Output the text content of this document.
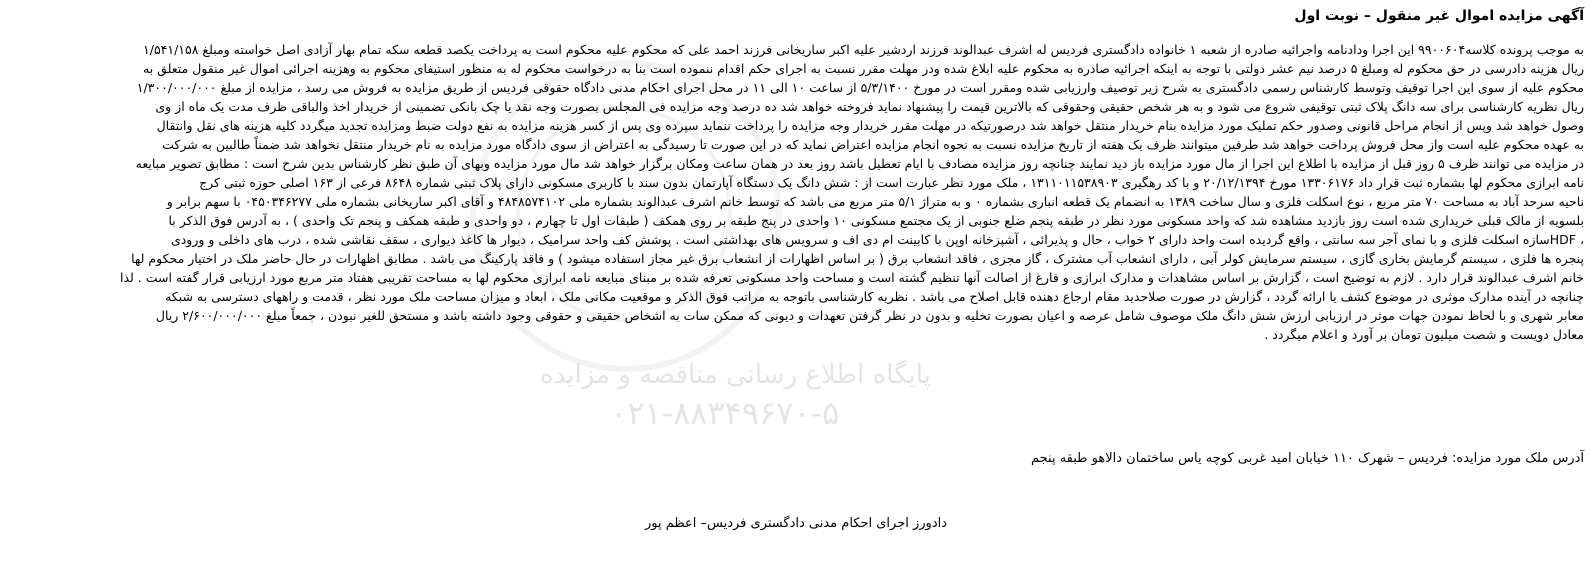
پایگاه اطلاع رسانی مناقصه و مزایده
۰۲۱-۸۸۳۴۹۶۷۰-۵
آگهی مزایده اموال غیر منقول – نوبت اول
به موجب پرونده کلاسه۹۹۰۰۶۰۴ این اجرا ودادنامه واجرائیه صادره از شعبه ۱ خانواده دادگستری فردیس له اشرف عبدالوند فرزند اردشیر علیه اکبر ساریخانی فرزند احمد علی که محکوم علیه محکوم است به پرداخت یکصد قطعه سکه تمام بهار آزادی اصل خواسته ومبلغ ۱/۵۴۱/۱۵۸
ریال هزینه دادرسی در حق محکوم له ومبلغ ۵ درصد نیم عشر دولتی با توجه به اینکه اجرائیه صادره به محکوم علیه ابلاغ شده ودر مهلت مقرر نسبت به اجرای حکم اقدام ننموده است بنا به درخواست محکوم له به منظور استیفای محکوم به وهزینه اجرائی اموال غیر منقول متعلق به
محکوم علیه از سوی این اجرا توقیف وتوسط کارشناس رسمی دادگستری به شرح زیر توصیف وارزیابی شده ومقرر است در مورخ ۵/۳/۱۴۰۰ از ساعت ۱۰ الی ۱۱ در محل اجرای احکام مدنی دادگاه حقوقی فردیس از طریق مزایده به فروش می رسد ، مزایده از مبلغ ۱/۳۰۰/۰۰۰/۰۰۰
ریال نظریه کارشناسی برای سه دانگ پلاک ثبتی توقیفی شروع می شود و به هر شخص حقیقی وحقوقی که بالاترین قیمت را پیشنهاد نماید فروخته خواهد شد ده درصد وجه مزایده فی المجلس بصورت وجه نقد یا چک بانکی تضمینی از خریدار اخذ والباقی ظرف مدت یک ماه از وی
وصول خواهد شد وپس از انجام مراحل قانونی وصدور حکم تملیک مورد مزایده بنام خریدار منتقل خواهد شد درصورتیکه در مهلت مقرر خریدار وجه مزایده را پرداخت ننماید سپرده وی پس از کسر هزینه مزایده به نفع دولت ضبط ومزایده تجدید میگردد کلیه هزینه های نقل وانتقال
به عهده محکوم علیه است واز محل فروش پرداخت خواهد شد طرفین میتوانند ظرف یک هفته از تاریخ مزایده نسبت به نحوه انجام مزایده اعتراض نماید که در این صورت تا رسیدگی به اعتراض از سوی دادگاه مورد مزایده به نام خریدار منتقل نخواهد شد ضمناً طالبین به شرکت
در مزایده می توانند ظرف ۵ روز قبل از مزایده با اطلاع این اجرا از مال مورد مزایده باز دید نمایند چنانچه روز مزایده مصادف با ایام تعطیل باشد روز بعد در همان ساعت ومکان برگزار خواهد شد مال مورد مزایده وبهای آن طبق نظر کارشناس بدین شرح است : مطابق تصویر مبایعه
نامه ابرازی محکوم لها بشماره ثبت قرار داد ۱۳۳۰۶۱۷۶ مورخ ۲۰/۱۲/۱۳۹۴ و با کد رهگیری ۱۳۱۱۰۱۱۵۳۸۹۰۳ ، ملک مورد نظر عبارت است از : شش دانگ یک دستگاه آپارتمان بدون سند با کاربری مسکونی دارای پلاک ثبتی شماره ۸۶۴۸ فرعی از ۱۶۳ اصلی حوزه ثبتی کرج
ناحیه سرحد آباد به مساحت ۷۰ متر مربع ، نوع اسکلت فلزی و سال ساخت ۱۳۸۹ به انضمام یک قطعه انباری بشماره ۰ و به متراژ ۵/۱ متر مربع می باشد که توسط خانم اشرف عبدالوند بشماره ملی ۴۸۴۸۵۷۴۱۰۲ و آقای اکبر ساریخانی بشماره ملی ۰۴۵۰۳۴۶۲۷۷ با سهم برابر و
بلسویه از مالک قبلی خریداری شده است روز بازدید مشاهده شد که واحد مسکونی مورد نظر در طبقه پنجم ضلع جنوبی از یک مجتمع مسکونی ۱۰ واحدی در پنج طبقه بر روی همکف ( طبقات اول تا چهارم ، دو واحدی و طبقه همکف و پنجم تک واحدی ) ، به آدرس فوق الذکر با
، HDFسازه اسکلت فلزی و با نمای آجر سه سانتی ، واقع گردیده است واحد دارای ۲ خواب ، حال و پذیرائی ، آشپزخانه اوپن با کابینت ام دی اف و سرویس های بهداشتی است . پوشش کف واحد سرامیک ، دیوار ها کاغذ دیواری ، سقف نقاشی شده ، درب های داخلی و ورودی
پنجره ها فلزی ، سیستم گرمایش بخاری گازی ، سیستم سرمایش کولر آبی ، دارای انشعاب آب مشترک ، گاز مجزی ، فاقد انشعاب برق ( بر اساس اظهارات از انشعاب برق غیر مجاز استفاده میشود ) و فاقد پارکینگ می باشد . مطابق اظهارات در حال حاضر ملک در اختیار محکوم لها
خانم اشرف عبدالوند قرار دارد . لازم به توضیح است ، گزارش بر اساس مشاهدات و مدارک ابرازی و فارغ از اصالت آنها تنظیم گشته است و مساحت واحد مسکونی تعرفه شده بر مبنای مبایعه نامه ابرازی محکوم لها به مساحت تقریبی هفتاد متر مربع مورد ارزیابی قرار گفته است . لذا
چنانچه در آینده مدارک موثری در موضوع کشف یا ارائه گردد ، گزارش در صورت صلاحدید مقام ارجاع دهنده قابل اصلاح می باشد . نظریه کارشناسی باتوجه به مراتب فوق الذکر و موقعیت مکانی ملک ، ابعاد و میزان مساحت ملک مورد نظر ، قدمت و راههای دسترسی به شبکه
معابر شهری و با لحاظ نمودن جهات موثر در ارزیابی ارزش شش دانگ ملک موصوف شامل عرصه و اعیان بصورت تخلیه و بدون در نظر گرفتن تعهدات و دیونی که ممکن سات به اشخاص حقیقی و حقوقی وجود داشته باشد و مستحق للغیر نبودن ، جمعاً مبلغ ۲/۶۰۰/۰۰۰/۰۰۰ ریال
معادل دویست و شصت میلیون تومان بر آورد و اعلام میگردد .
آدرس ملک مورد مزایده: فردیس – شهرک ۱۱۰ خیابان امید غربی کوچه یاس ساختمان دالاهو طبقه پنجم
دادورز اجرای احکام مدنی دادگستری فردیس– اعظم پور
